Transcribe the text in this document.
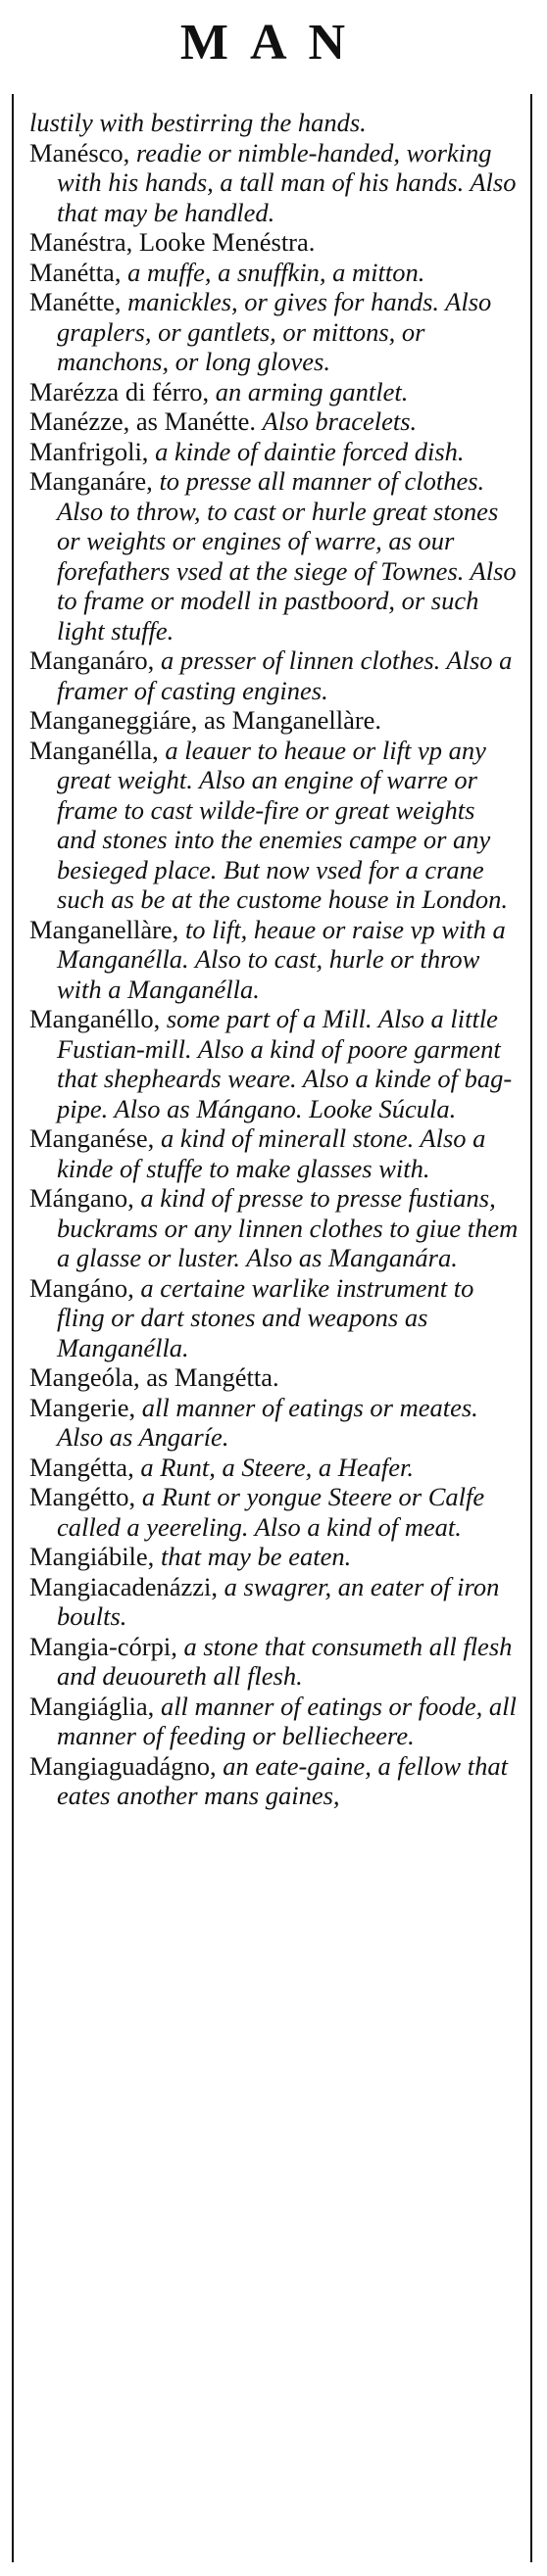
MAN

lustily with bestirring the hands.

Manésco, readie or nimble-handed, working with his hands, a tall man of his hands. Also that may be handled.

Manéstra, Looke Menéstra.

Manétta, a muffe, a snuffkin, a mitton.

Manétte, manickles, or gives for hands. Also graplers, or gantlets, or mittons, or manchons, or long gloves.

Marézza di férro, an arming gantlet.

Manézze, as Manétte. Also bracelets.

Manfrigoli, a kinde of daintie forced dish.

Manganáre, to presse all manner of clothes. Also to throw, to cast or hurle great stones or weights or engines of warre, as our forefathers vsed at the siege of Townes. Also to frame or modell in pastboord, or such light stuffe.

Manganáro, a presser of linnen clothes. Also a framer of casting engines.

Manganeggiáre, as Manganellàre.

Manganélla, a leauer to heaue or lift vp any great weight. Also an engine of warre or frame to cast wilde-fire or great weights and stones into the enemies campe or any besieged place. But now vsed for a crane such as be at the custome house in London.

Manganellàre, to lift, heaue or raise vp with a Manganélla. Also to cast, hurle or throw with a Manganélla.

Manganéllo, some part of a Mill. Also a little Fustian-mill. Also a kind of poore garment that shepheards weare. Also a kinde of bag-pipe. Also as Mángano. Looke Súcula.

Manganése, a kind of minerall stone. Also a kinde of stuffe to make glasses with.

Mángano, a kind of presse to presse fustians, buckrams or any linnen clothes to giue them a glasse or luster. Also as Manganára.

Mangáno, a certaine warlike instrument to fling or dart stones and weapons as Manganélla.

Mangeóla, as Mangétta.

Mangerie, all manner of eatings or meates. Also as Angaríe.

Mangétta, a Runt, a Steere, a Heafer.

Mangétto, a Runt or yongue Steere or Calfe called a yeereling. Also a kind of meat.

Mangiábile, that may be eaten.

Mangiacadenázzi, a swagrer, an eater of iron boults.

Mangia-córpi, a stone that consumeth all flesh and deuoureth all flesh.

Mangiáglia, all manner of eatings or foode, all manner of feeding or belliecheere.

Mangiaguadágno, an eate-gaine, a fellow that eates another mans gaines,
